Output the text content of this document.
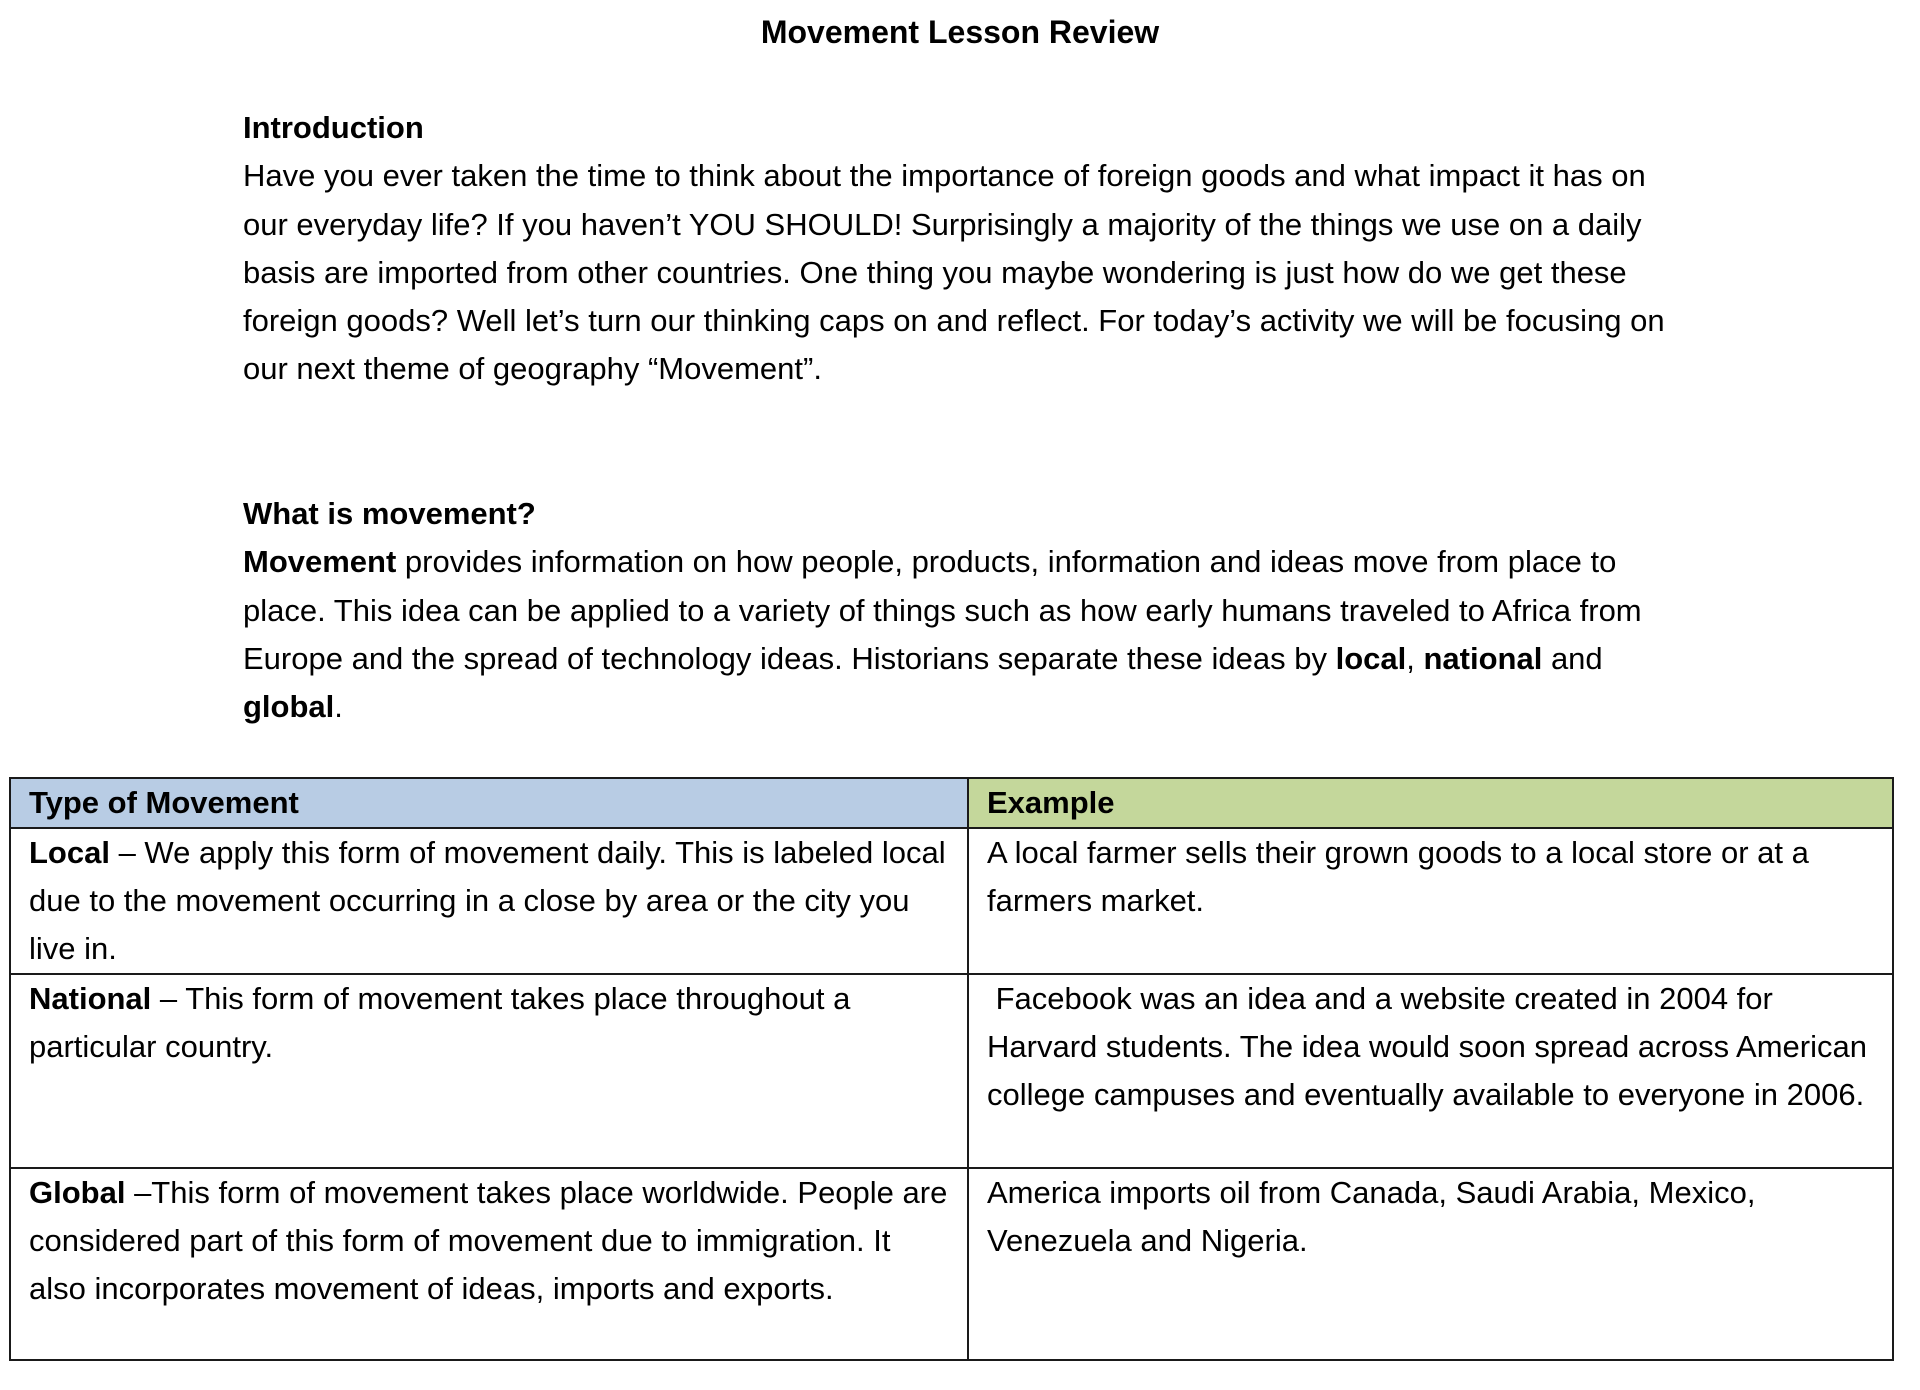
Movement Lesson Review
Introduction

Have you ever taken the time to think about the importance of foreign goods and what impact it has on our everyday life? If you haven’t YOU SHOULD! Surprisingly a majority of the things we use on a daily basis are imported from other countries. One thing you maybe wondering is just how do we get these foreign goods? Well let’s turn our thinking caps on and reflect. For today’s activity we will be focusing on our next theme of geography “Movement”.

What is movement?

Movement provides information on how people, products, information and ideas move from place to place. This idea can be applied to a variety of things such as how early humans traveled to Africa from Europe and the spread of technology ideas. Historians separate these ideas by local, national and global.

Type of Movement	Example
Local – We apply this form of movement daily. This is labeled local due to the movement occurring in a close by area or the city you live in.	A local farmer sells their grown goods to a local store or at a farmers market.
National – This form of movement takes place throughout a particular country.	Facebook was an idea and a website created in 2004 for Harvard students. The idea would soon spread across American college campuses and eventually available to everyone in 2006.
Global –This form of movement takes place worldwide. People are considered part of this form of movement due to immigration. It also incorporates movement of ideas, imports and exports.	America imports oil from Canada, Saudi Arabia, Mexico, Venezuela and Nigeria.
